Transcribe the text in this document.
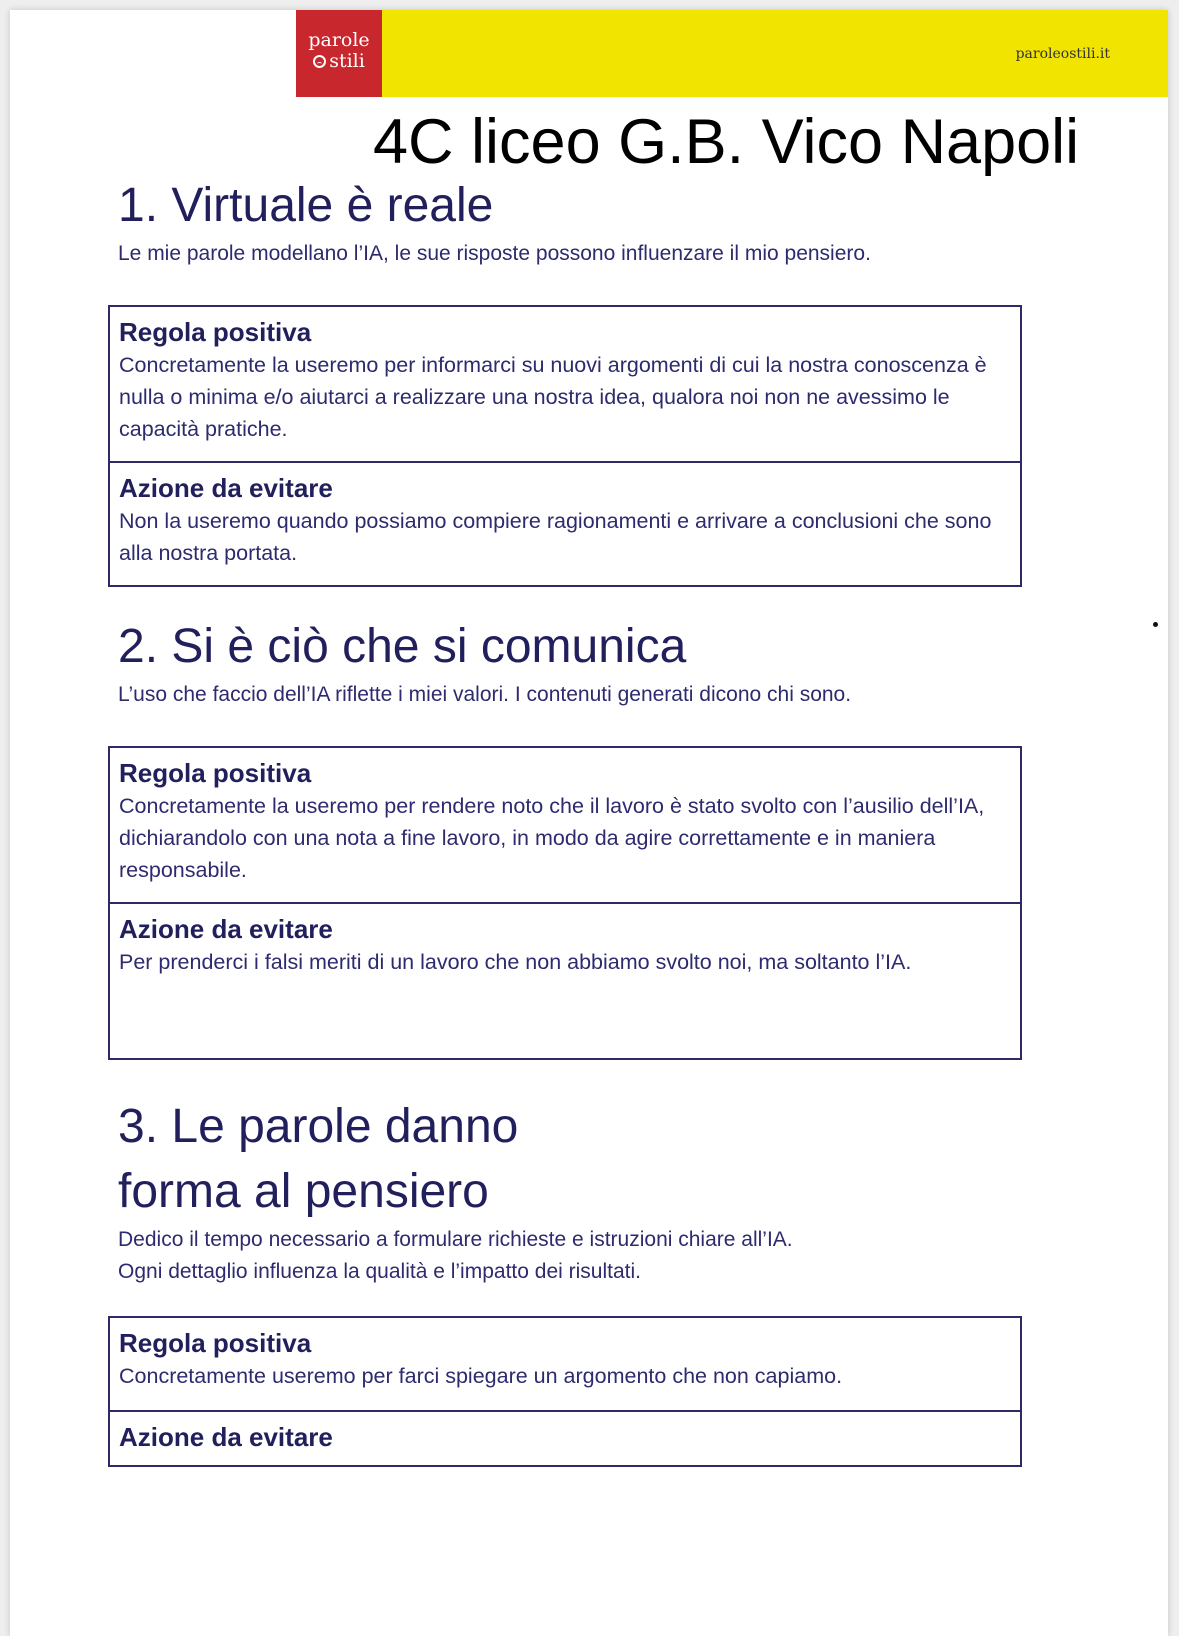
paroleostili.it
parole
stili
4C liceo G.B. Vico Napoli
1. Virtuale è reale

Le mie parole modellano l’IA, le sue risposte possono influenzare il mio pensiero.

Regola positiva

Concretamente la useremo per informarci su nuovi argomenti di cui la nostra conoscenza è nulla o minima e/o aiutarci a realizzare una nostra idea, qualora noi non ne avessimo le capacità pratiche.

Azione da evitare

Non la useremo quando possiamo compiere ragionamenti e arrivare a conclusioni che sono alla nostra portata.

2. Si è ciò che si comunica

L’uso che faccio dell’IA riflette i miei valori. I contenuti generati dicono chi sono.

Regola positiva

Concretamente la useremo per rendere noto che il lavoro è stato svolto con l’ausilio dell’IA, dichiarandolo con una nota a fine lavoro, in modo da agire correttamente e in maniera responsabile.

Azione da evitare

Per prenderci i falsi meriti di un lavoro che non abbiamo svolto noi, ma soltanto l’IA.

3. Le parole danno
forma al pensiero

Dedico il tempo necessario a formulare richieste e istruzioni chiare all’IA.

Ogni dettaglio influenza la qualità e l’impatto dei risultati.

Regola positiva

Concretamente useremo per farci spiegare un argomento che non capiamo.

Azione da evitare
